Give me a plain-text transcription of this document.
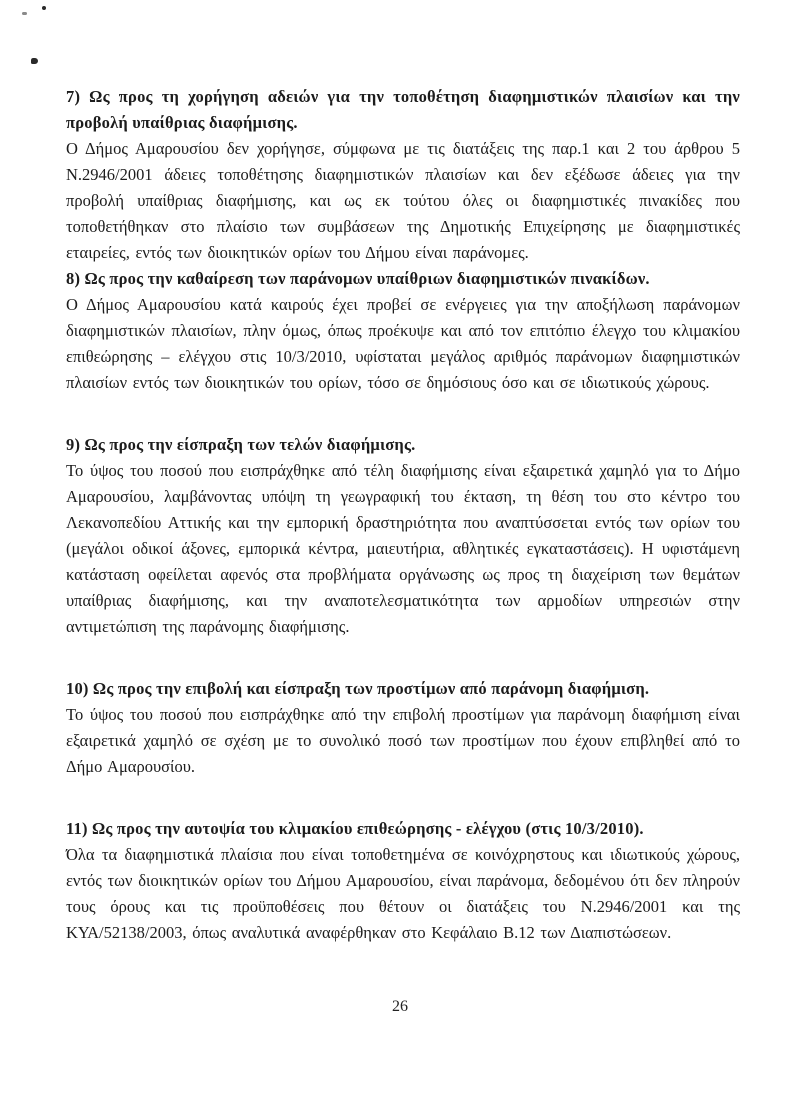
7) Ως προς τη χορήγηση αδειών για την τοποθέτηση διαφημιστικών πλαισίων και την προβολή υπαίθριας διαφήμισης.

Ο Δήμος Αμαρουσίου δεν χορήγησε, σύμφωνα με τις διατάξεις της παρ.1 και 2 του άρθρου 5 Ν.2946/2001 άδειες τοποθέτησης διαφημιστικών πλαισίων και δεν εξέδωσε άδειες για την προβολή υπαίθριας διαφήμισης, και ως εκ τούτου όλες οι διαφημιστικές πινακίδες που τοποθετήθηκαν στο πλαίσιο των συμβάσεων της Δημοτικής Επιχείρησης με διαφημιστικές εταιρείες, εντός των διοικητικών ορίων του Δήμου είναι παράνομες.

8) Ως προς την καθαίρεση των παράνομων υπαίθριων διαφημιστικών πινακίδων.

Ο Δήμος Αμαρουσίου κατά καιρούς έχει προβεί σε ενέργειες για την αποξήλωση παράνομων διαφημιστικών πλαισίων, πλην όμως, όπως προέκυψε και από τον επιτόπιο έλεγχο του κλιμακίου επιθεώρησης – ελέγχου στις 10/3/2010, υφίσταται μεγάλος αριθμός παράνομων διαφημιστικών πλαισίων εντός των διοικητικών του ορίων, τόσο σε δημόσιους όσο και σε ιδιωτικούς χώρους.

9) Ως προς την είσπραξη των τελών διαφήμισης.

Το ύψος του ποσού που εισπράχθηκε από τέλη διαφήμισης είναι εξαιρετικά χαμηλό για το Δήμο Αμαρουσίου, λαμβάνοντας υπόψη τη γεωγραφική του έκταση, τη θέση του στο κέντρο του Λεκανοπεδίου Αττικής και την εμπορική δραστηριότητα που αναπτύσσεται εντός των ορίων του (μεγάλοι οδικοί άξονες, εμπορικά κέντρα, μαιευτήρια, αθλητικές εγκαταστάσεις). Η υφιστάμενη κατάσταση οφείλεται αφενός στα προβλήματα οργάνωσης ως προς τη διαχείριση των θεμάτων υπαίθριας διαφήμισης, και την αναποτελεσματικότητα των αρμοδίων υπηρεσιών στην αντιμετώπιση της παράνομης διαφήμισης.

10) Ως προς την επιβολή και είσπραξη των προστίμων από παράνομη διαφήμιση.

Το ύψος του ποσού που εισπράχθηκε από την επιβολή προστίμων για παράνομη διαφήμιση είναι εξαιρετικά χαμηλό σε σχέση με το συνολικό ποσό των προστίμων που έχουν επιβληθεί από το Δήμο Αμαρουσίου.

11) Ως προς την αυτοψία του κλιμακίου επιθεώρησης - ελέγχου (στις 10/3/2010).

Όλα τα διαφημιστικά πλαίσια που είναι τοποθετημένα σε κοινόχρηστους και ιδιωτικούς χώρους, εντός των διοικητικών ορίων του Δήμου Αμαρουσίου, είναι παράνομα, δεδομένου ότι δεν πληρούν τους όρους και τις προϋποθέσεις που θέτουν οι διατάξεις του Ν.2946/2001 και της ΚΥΑ/52138/2003, όπως αναλυτικά αναφέρθηκαν στο Κεφάλαιο Β.12 των Διαπιστώσεων.

26
